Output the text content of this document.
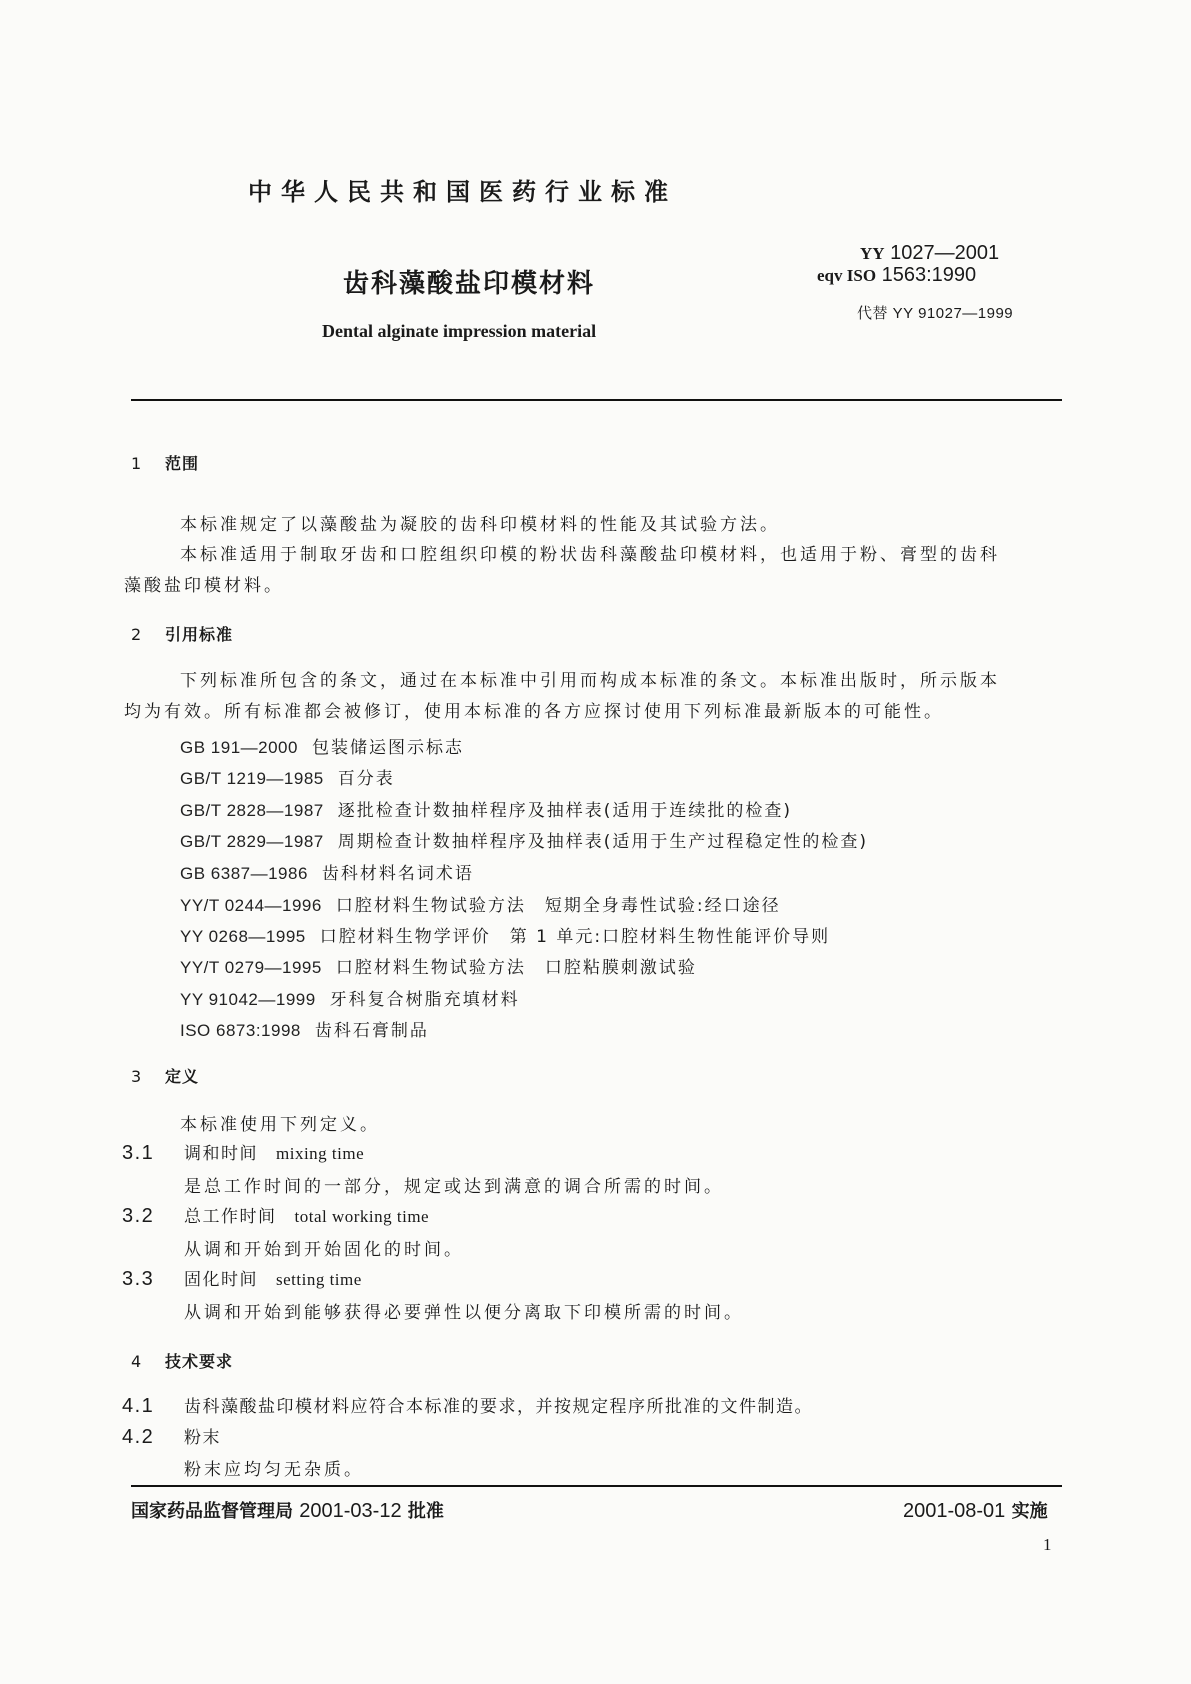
中华人民共和国医药行业标准
齿科藻酸盐印模材料
Dental alginate impression material
YY 1027—2001
eqv ISO 1563:1990
代替 YY 91027—1999
1 范围
本标准规定了以藻酸盐为凝胶的齿科印模材料的性能及其试验方法。
本标准适用于制取牙齿和口腔组织印模的粉状齿科藻酸盐印模材料，也适用于粉、膏型的齿科藻酸盐印模材料。
2 引用标准
下列标准所包含的条文，通过在本标准中引用而构成本标准的条文。本标准出版时，所示版本均为有效。所有标准都会被修订，使用本标准的各方应探讨使用下列标准最新版本的可能性。
GB 191—2000 包装储运图示标志
GB/T 1219—1985 百分表
GB/T 2828—1987 逐批检查计数抽样程序及抽样表(适用于连续批的检查)
GB/T 2829—1987 周期检查计数抽样程序及抽样表(适用于生产过程稳定性的检查)
GB 6387—1986 齿科材料名词术语
YY/T 0244—1996 口腔材料生物试验方法　短期全身毒性试验:经口途径
YY 0268—1995 口腔材料生物学评价　第 1 单元:口腔材料生物性能评价导则
YY/T 0279—1995 口腔材料生物试验方法　口腔粘膜刺激试验
YY 91042—1999 牙科复合树脂充填材料
ISO 6873:1998 齿科石膏制品
3 定义
本标准使用下列定义。
3.1 调和时间 mixing time
是总工作时间的一部分，规定或达到满意的调合所需的时间。
3.2 总工作时间 total working time
从调和开始到开始固化的时间。
3.3 固化时间 setting time
从调和开始到能够获得必要弹性以便分离取下印模所需的时间。
4 技术要求
4.1 齿科藻酸盐印模材料应符合本标准的要求，并按规定程序所批准的文件制造。
4.2 粉末
粉末应均匀无杂质。
国家药品监督管理局 2001-03-12 批准	2001-08-01 实施
1
